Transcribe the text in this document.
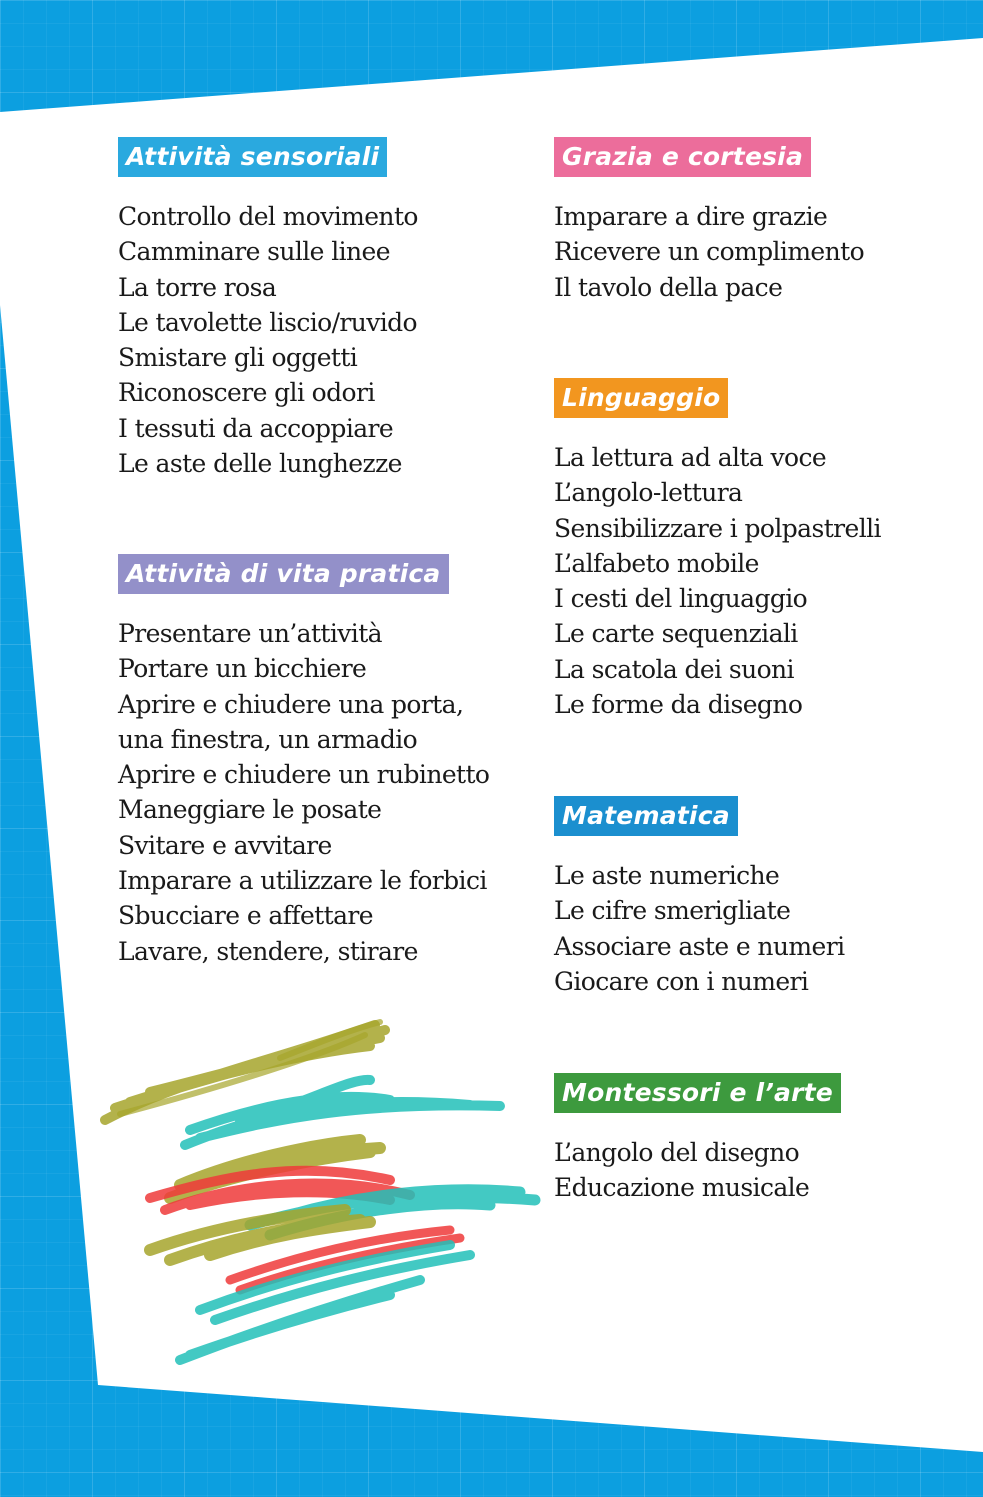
Attività sensoriali
Controllo del movimento
Camminare sulle linee
La torre rosa
Le tavolette liscio/ruvido
Smistare gli oggetti
Riconoscere gli odori
I tessuti da accoppiare
Le aste delle lunghezze
Attività di vita pratica
Presentare un’attività
Portare un bicchiere
Aprire e chiudere una porta,
una finestra, un armadio
Aprire e chiudere un rubinetto
Maneggiare le posate
Svitare e avvitare
Imparare a utilizzare le forbici
Sbucciare e affettare
Lavare, stendere, stirare
Grazia e cortesia
Imparare a dire grazie
Ricevere un complimento
Il tavolo della pace
Linguaggio
La lettura ad alta voce
L’angolo-lettura
Sensibilizzare i polpastrelli
L’alfabeto mobile
I cesti del linguaggio
Le carte sequenziali
La scatola dei suoni
Le forme da disegno
Matematica
Le aste numeriche
Le cifre smerigliate
Associare aste e numeri
Giocare con i numeri
Montessori e l’arte
L’angolo del disegno
Educazione musicale
